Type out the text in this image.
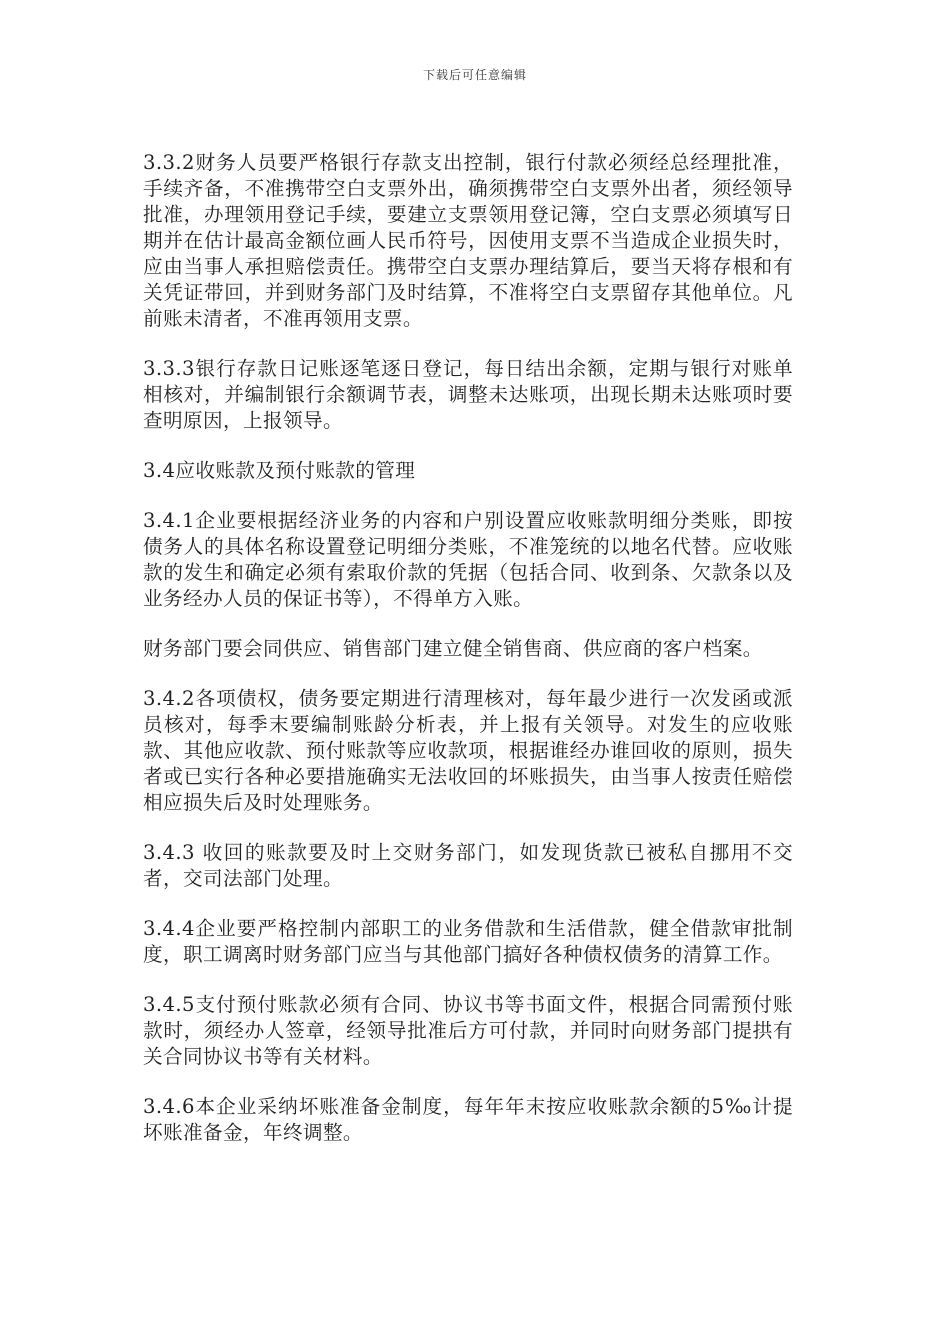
下载后可任意编辑

3.3.2财务人员要严格银行存款支出控制，银行付款必须经总经理批准，手续齐备，不准携带空白支票外出，确须携带空白支票外出者，须经领导批准，办理领用登记手续，要建立支票领用登记簿，空白支票必须填写日期并在估计最高金额位画人民币符号，因使用支票不当造成企业损失时，应由当事人承担赔偿责任。携带空白支票办理结算后，要当天将存根和有关凭证带回，并到财务部门及时结算，不准将空白支票留存其他单位。凡前账未清者，不准再领用支票。

3.3.3银行存款日记账逐笔逐日登记，每日结出余额，定期与银行对账单相核对，并编制银行余额调节表，调整未达账项，出现长期未达账项时要查明原因，上报领导。

3.4应收账款及预付账款的管理

3.4.1企业要根据经济业务的内容和户别设置应收账款明细分类账，即按债务人的具体名称设置登记明细分类账，不准笼统的以地名代替。应收账款的发生和确定必须有索取价款的凭据（包括合同、收到条、欠款条以及业务经办人员的保证书等），不得单方入账。

财务部门要会同供应、销售部门建立健全销售商、供应商的客户档案。

3.4.2各项债权，债务要定期进行清理核对，每年最少进行一次发函或派员核对，每季末要编制账龄分析表，并上报有关领导。对发生的应收账款、其他应收款、预付账款等应收款项，根据谁经办谁回收的原则，损失者或已实行各种必要措施确实无法收回的坏账损失，由当事人按责任赔偿相应损失后及时处理账务。

3.4.3 收回的账款要及时上交财务部门，如发现货款已被私自挪用不交者，交司法部门处理。

3.4.4企业要严格控制内部职工的业务借款和生活借款，健全借款审批制度，职工调离时财务部门应当与其他部门搞好各种债权债务的清算工作。

3.4.5支付预付账款必须有合同、协议书等书面文件，根据合同需预付账款时，须经办人签章，经领导批准后方可付款，并同时向财务部门提拱有关合同协议书等有关材料。

3.4.6本企业采纳坏账准备金制度，每年年末按应收账款余额的5‰计提坏账准备金，年终调整。
